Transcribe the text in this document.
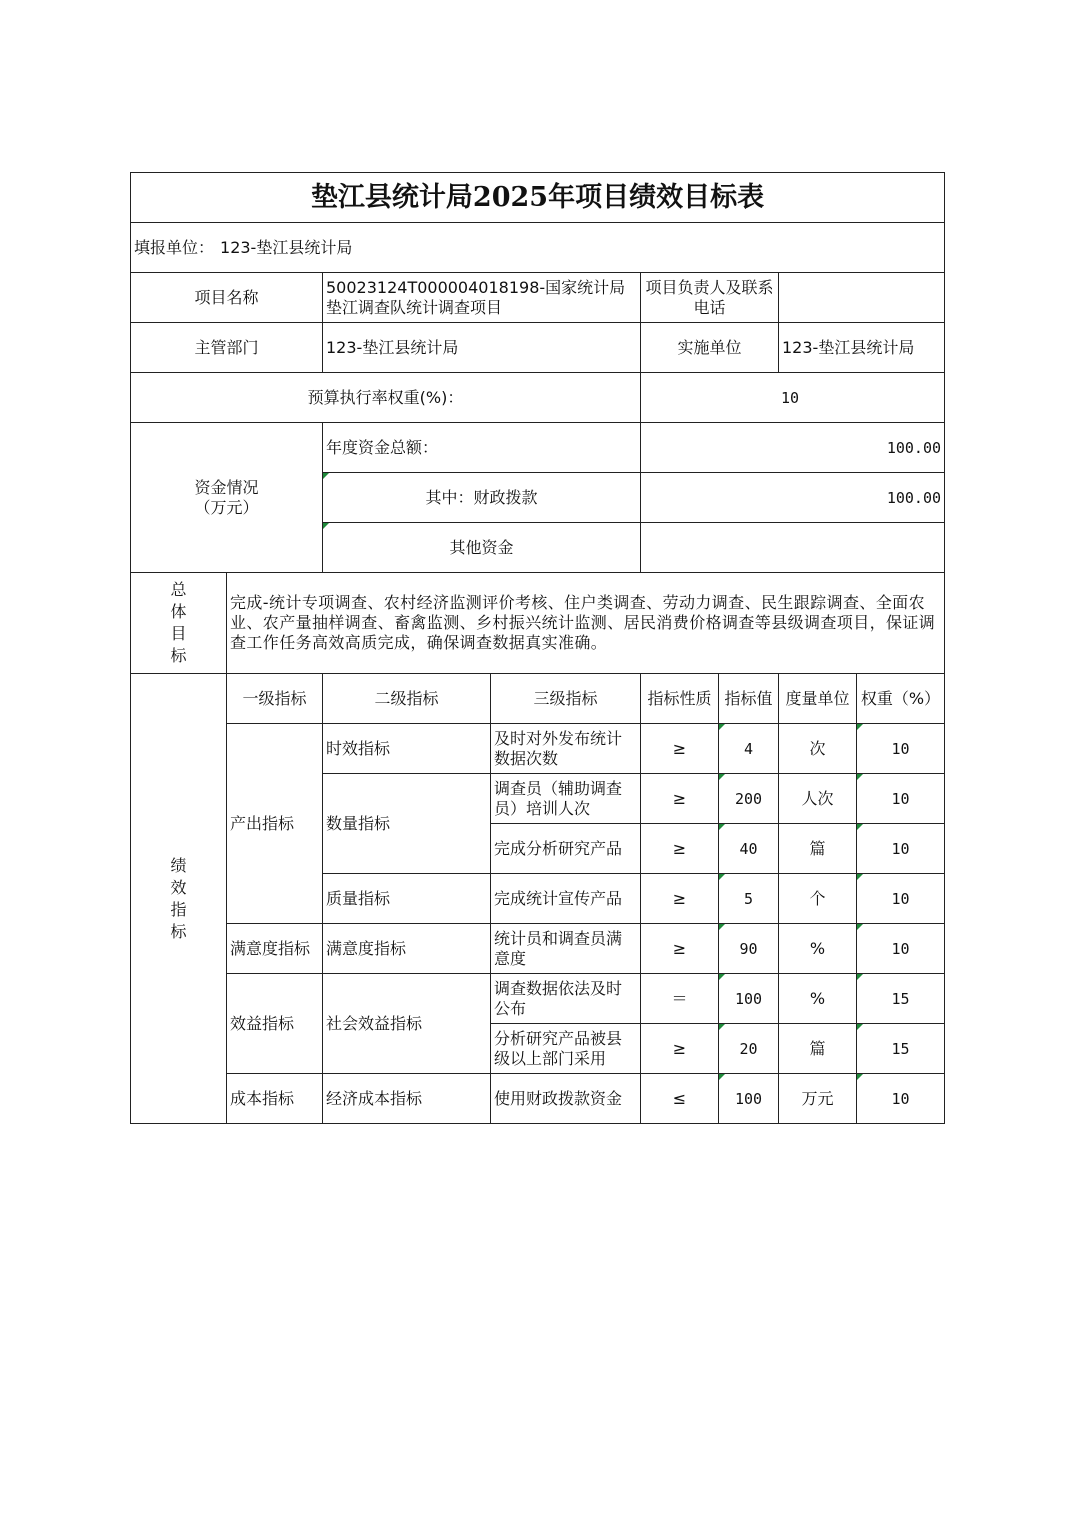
垫江县统计局2025年项目绩效目标表							
填报单位： 123-垫江县统计局							
项目名称		50023124T000004018198-国家统计局垫江调查队统计调查项目		项目负责人及联系电话			
主管部门		123-垫江县统计局		实施单位		123-垫江县统计局	
预算执行率权重(%)：				10			

资金情况
（万元）		年度资金总额：		100.00			
		其中：财政拨款		100.00			
		其他资金					

总
体
目
标	完成-统计专项调查、农村经济监测评价考核、住户类调查、劳动力调查、民生跟踪调查、全面农业、农产量抽样调查、畜禽监测、乡村振兴统计监测、居民消费价格调查等县级调查项目，保证调查工作任务高效高质完成，确保调查数据真实准确。						

绩
效
指
标	一级指标	二级指标	三级指标	指标性质	指标值	度量单位	权重（%）
	产出指标	时效指标	及时对外发布统计数据次数	≥	4	次	10
		数量指标	调查员（辅助调查员）培训人次	≥	200	人次	10
			完成分析研究产品	≥	40	篇	10
		质量指标	完成统计宣传产品	≥	5	个	10
	满意度指标	满意度指标	统计员和调查员满意度	≥	90	%	10
	效益指标	社会效益指标	调查数据依法及时公布	＝	100	%	15
			分析研究产品被县级以上部门采用	≥	20	篇	15
	成本指标	经济成本指标	使用财政拨款资金	≤	100	万元	10
